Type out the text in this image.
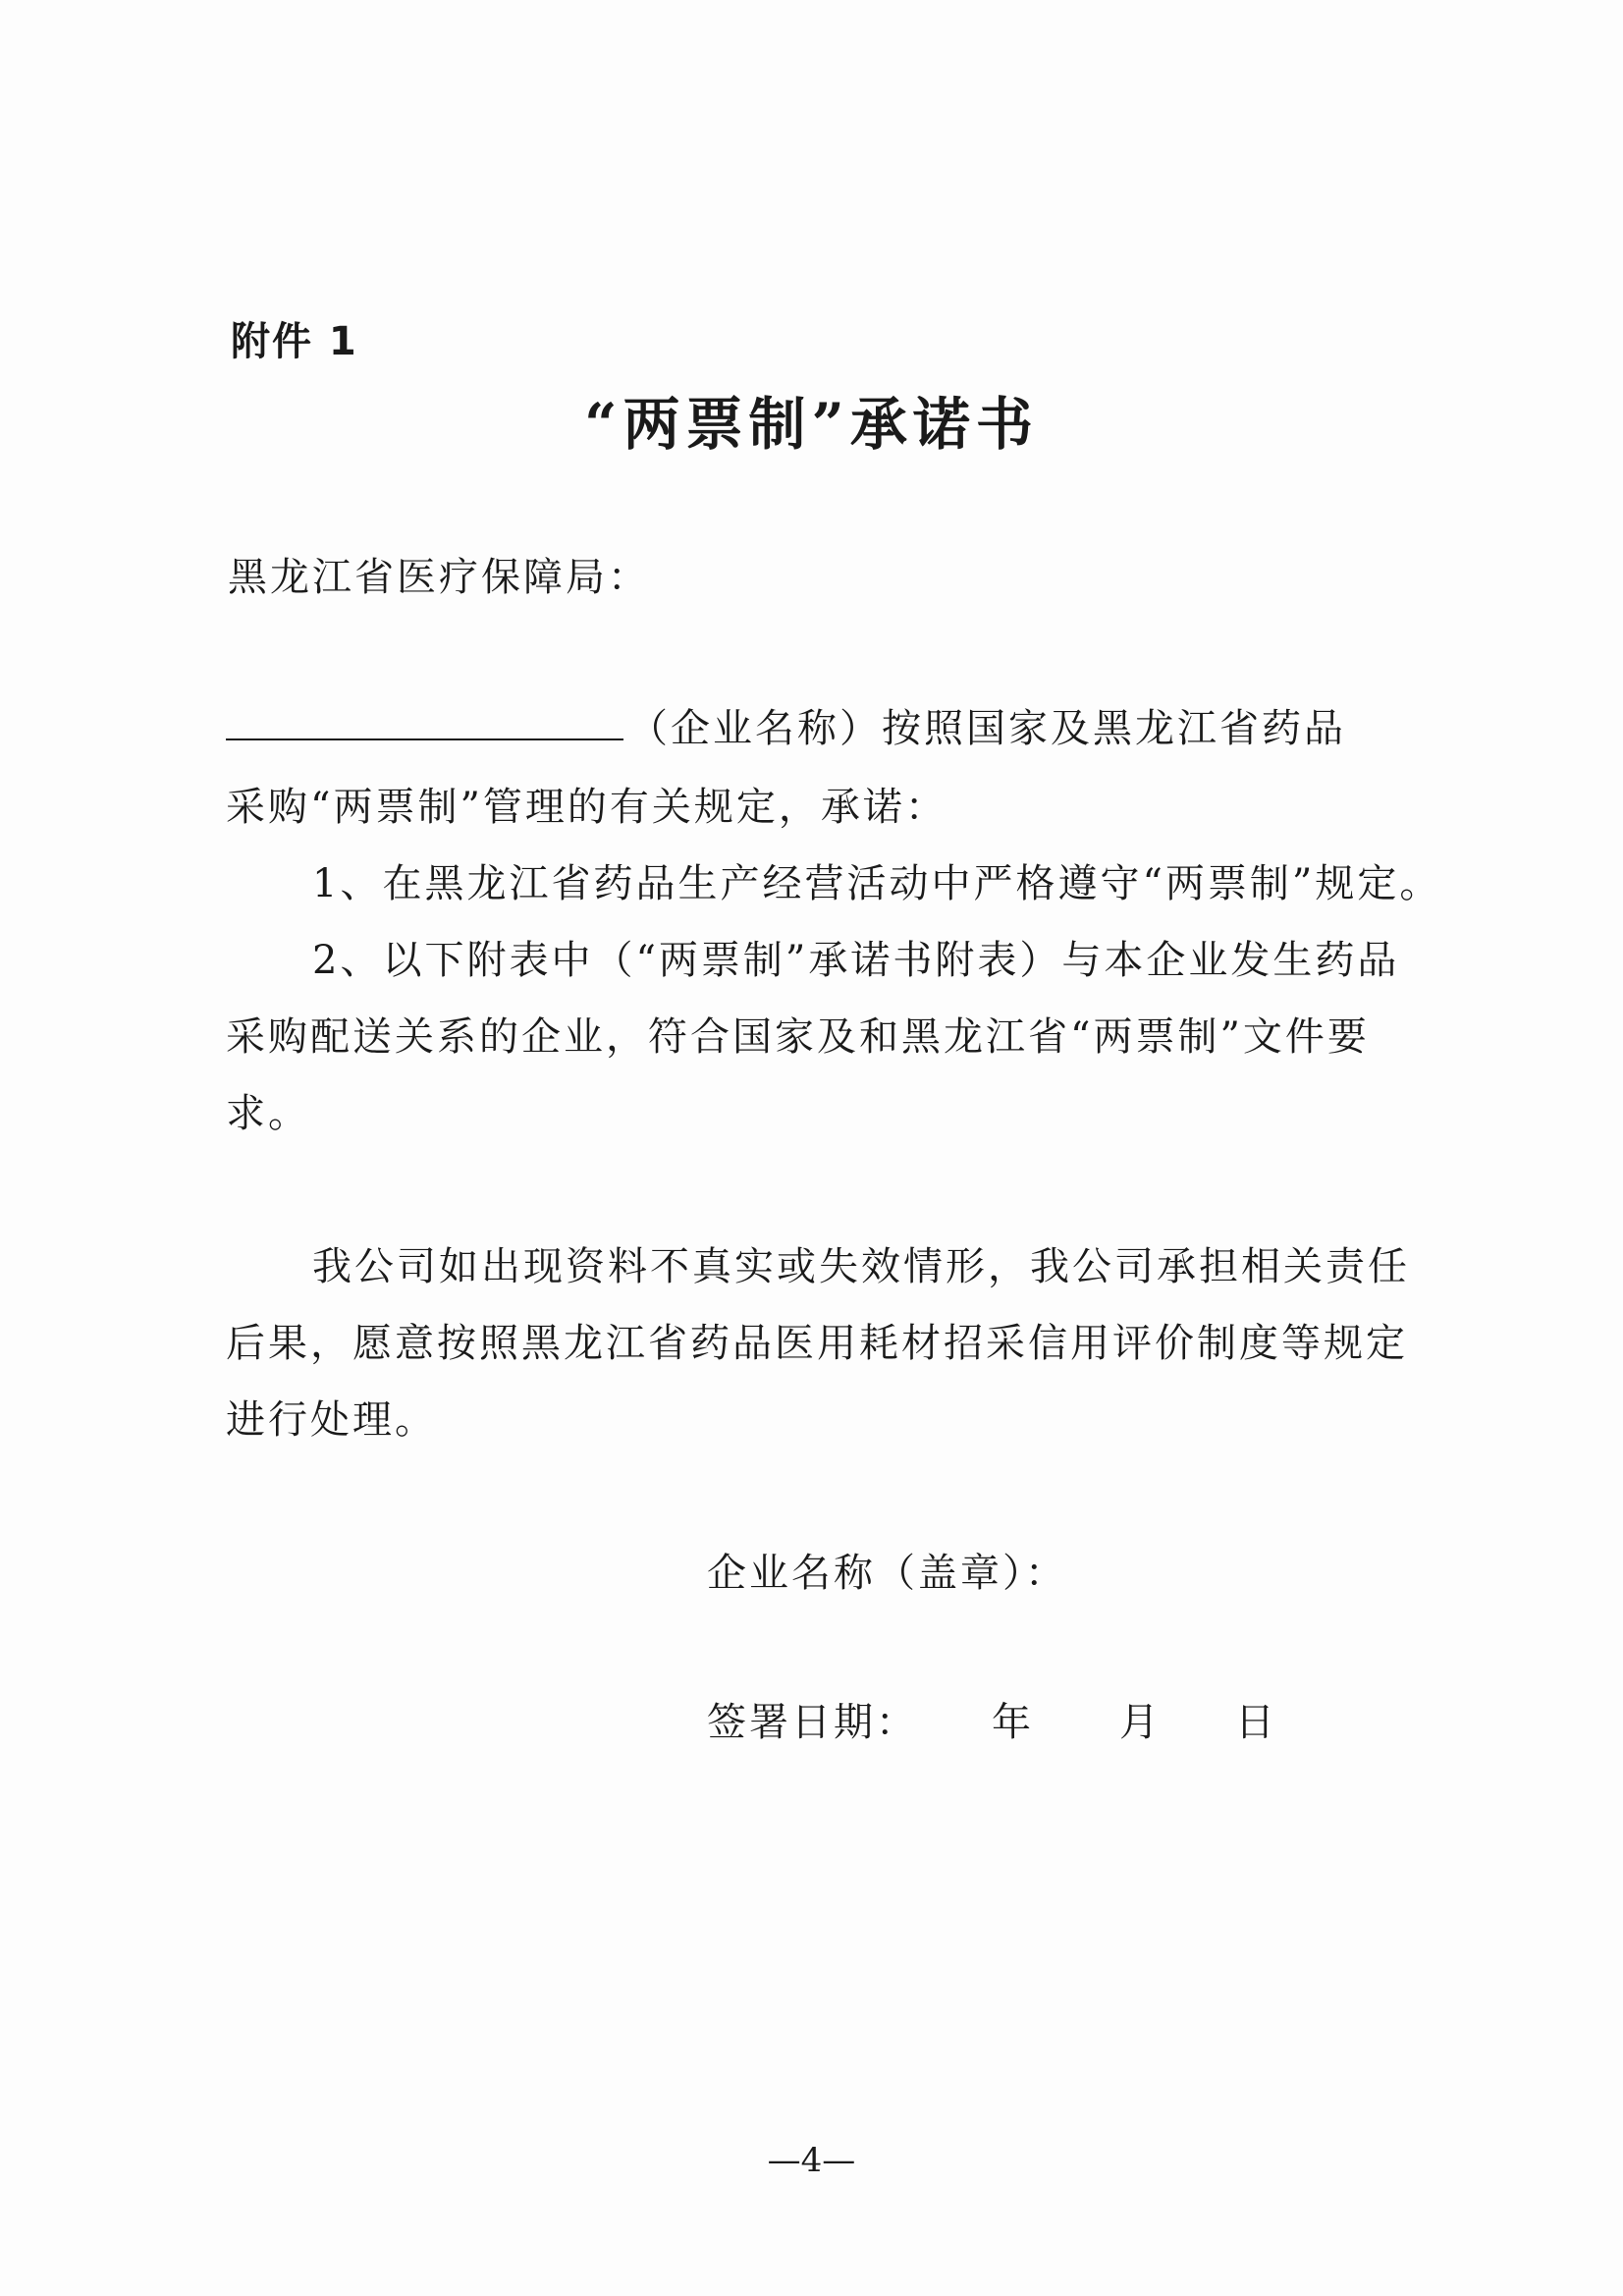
附件 1
“两票制”承诺书
黑龙江省医疗保障局：
（企业名称）按照国家及黑龙江省药品
采购“两票制”管理的有关规定，承诺：
1、在黑龙江省药品生产经营活动中严格遵守“两票制”规定。
2、以下附表中（“两票制”承诺书附表）与本企业发生药品
采购配送关系的企业，符合国家及和黑龙江省“两票制”文件要
求。
我公司如出现资料不真实或失效情形，我公司承担相关责任
后果，愿意按照黑龙江省药品医用耗材招采信用评价制度等规定
进行处理。
企业名称（盖章）：
签署日期： 年 月 日
—4—
